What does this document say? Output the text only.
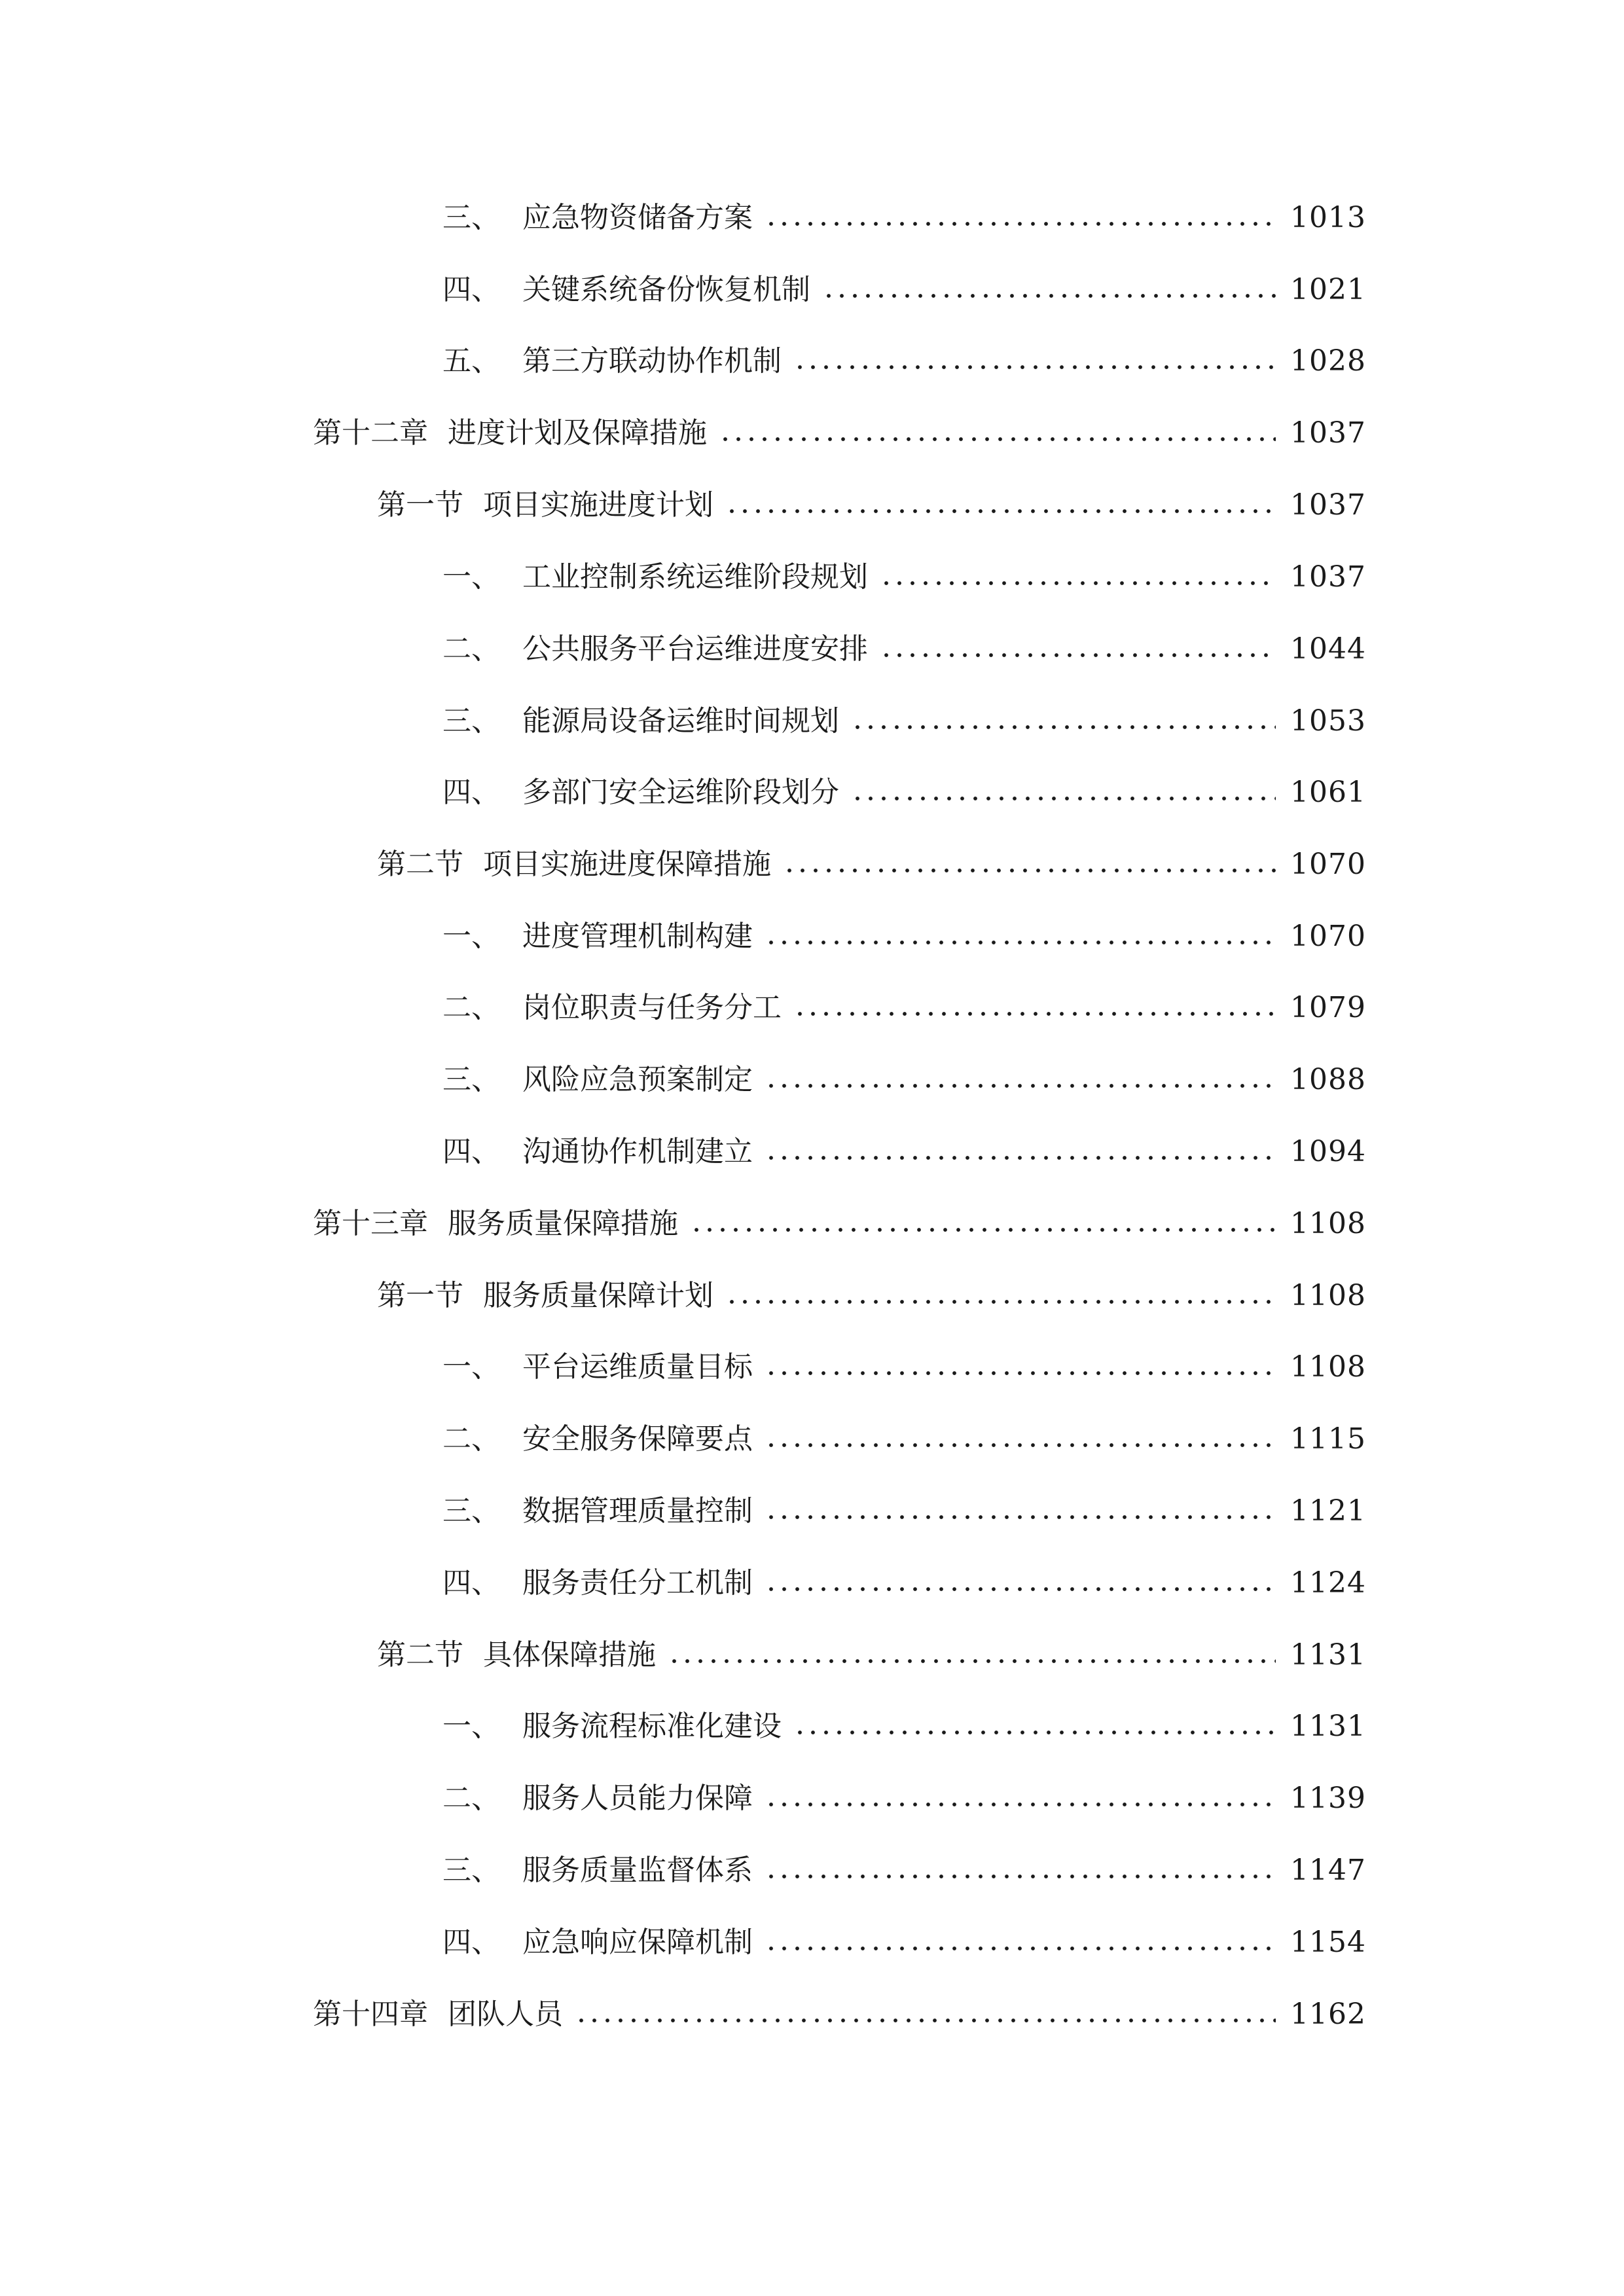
三、 应急物资储备方案	1013
四、 关键系统备份恢复机制	1021
五、 第三方联动协作机制	1028
第十二章 进度计划及保障措施	1037
第一节 项目实施进度计划	1037
一、 工业控制系统运维阶段规划	1037
二、 公共服务平台运维进度安排	1044
三、 能源局设备运维时间规划	1053
四、 多部门安全运维阶段划分	1061
第二节 项目实施进度保障措施	1070
一、 进度管理机制构建	1070
二、 岗位职责与任务分工	1079
三、 风险应急预案制定	1088
四、 沟通协作机制建立	1094
第十三章 服务质量保障措施	1108
第一节 服务质量保障计划	1108
一、 平台运维质量目标	1108
二、 安全服务保障要点	1115
三、 数据管理质量控制	1121
四、 服务责任分工机制	1124
第二节 具体保障措施	1131
一、 服务流程标准化建设	1131
二、 服务人员能力保障	1139
三、 服务质量监督体系	1147
四、 应急响应保障机制	1154
第十四章 团队人员	1162
